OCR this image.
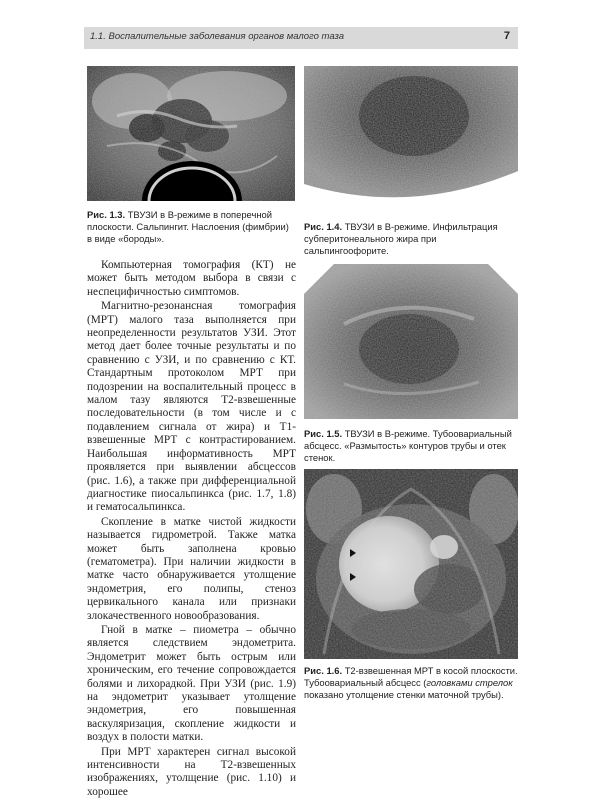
1.1. Воспалительные заболевания органов малого таза	7
Рис. 1.3. ТВУЗИ в В-режиме в поперечной плоскости. Сальпингит. Наслоения (фимбрии) в виде «бороды».
Рис. 1.4. ТВУЗИ в В-режиме. Инфильтрация субперитонеального жира при сальпингоофорите.
Рис. 1.5. ТВУЗИ в В-режиме. Тубоовариальный абсцесс. «Размытость» контуров трубы и отек стенок.
Рис. 1.6. Т2-взвешенная МРТ в косой плоскости. Тубоовариальный абсцесс (головками стрелок показано утолщение стенки маточной трубы).

Компьютерная томография (КТ) не может быть методом выбора в связи с неспецифичностью симптомов.

Магнитно-резонансная томография (МРТ) малого таза выполняется при неопределенности результатов УЗИ. Этот метод дает более точные результаты и по сравнению с УЗИ, и по сравнению с КТ. Стандартным протоколом МРТ при подозрении на воспалительный процесс в малом тазу являются Т2-взвешенные последовательности (в том числе и с подавлением сигнала от жира) и Т1-взвешенные МРТ с контрастированием. Наибольшая информативность МРТ проявляется при выявлении абсцессов (рис. 1.6), а также при дифференциальной диагностике пиосальпинкса (рис. 1.7, 1.8) и гематосальпинкса.

Скопление в матке чистой жидкости называется гидрометрой. Также матка может быть заполнена кровью (гематометра). При наличии жидкости в матке часто обнаруживается утолщение эндометрия, его полипы, стеноз цервикального канала или признаки злокачественного новообразования.

Гной в матке – пиометра – обычно является следствием эндометрита. Эндометрит может быть острым или хроническим, его течение сопровождается болями и лихорадкой. При УЗИ (рис. 1.9) на эндометрит указывает утолщение эндометрия, его повышенная васкуляризация, скопление жидкости и воздух в полости матки.

При МРТ характерен сигнал высокой интенсивности на Т2-взвешенных изображениях, утолщение (рис. 1.10) и хорошее
